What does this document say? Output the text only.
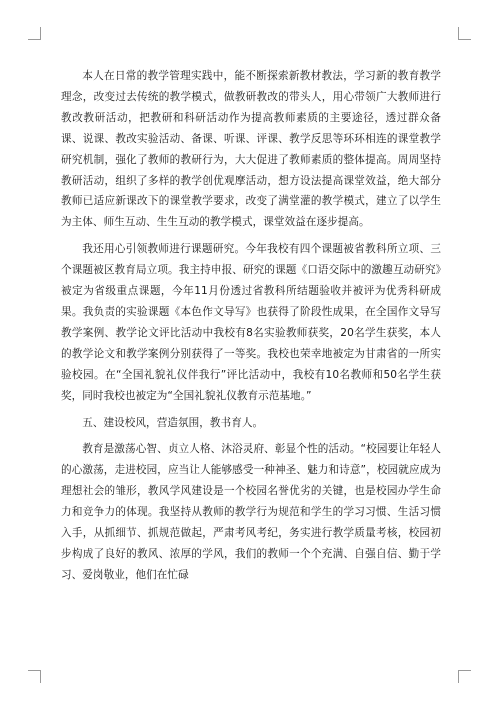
本人在日常的教学管理实践中，能不断探索新教材教法，学习新的教育教学理念，改变过去传统的教学模式，做教研教改的带头人，用心带领广大教师进行教改教研活动，把教研和科研活动作为提高教师素质的主要途径，透过群众备课、说课、教改实验活动、备课、听课、评课、教学反思等环环相连的课堂教学研究机制，强化了教师的教研行为，大大促进了教师素质的整体提高。周周坚持教研活动，组织了多样的教学创优观摩活动，想方设法提高课堂效益，绝大部分教师已适应新课改下的课堂教学要求，改变了满堂灌的教学模式，建立了以学生为主体、师生互动、生生互动的教学模式，课堂效益在逐步提高。

我还用心引领教师进行课题研究。今年我校有四个课题被省教科所立项、三个课题被区教育局立项。我主持申报、研究的课题《口语交际中的激趣互动研究》被定为省级重点课题，今年11月份透过省教科所结题验收并被评为优秀科研成果。我负责的实验课题《本色作文导写》也获得了阶段性成果，在全国作文导写教学案例、教学论文评比活动中我校有8名实验教师获奖，20名学生获奖，本人的教学论文和教学案例分别获得了一等奖。我校也荣幸地被定为甘肃省的一所实验校园。在“全国礼貌礼仪伴我行”评比活动中，我校有10名教师和50名学生获奖，同时我校也被定为“全国礼貌礼仪教育示范基地。”

五、建设校风，营造氛围，教书育人。

教育是激荡心智、贞立人格、沐浴灵府、彰显个性的活动。“校园要让年轻人的心激荡，走进校园，应当让人能够感受一种神圣、魅力和诗意”，校园就应成为理想社会的雏形，教风学风建设是一个校园名誉优劣的关键，也是校园办学生命力和竞争力的体现。我坚持从教师的教学行为规范和学生的学习习惯、生活习惯入手，从抓细节、抓规范做起，严肃考风考纪，务实进行教学质量考核，校园初步构成了良好的教风、浓厚的学风，我们的教师一个个充满、自强自信、勤于学习、爱岗敬业，他们在忙碌
